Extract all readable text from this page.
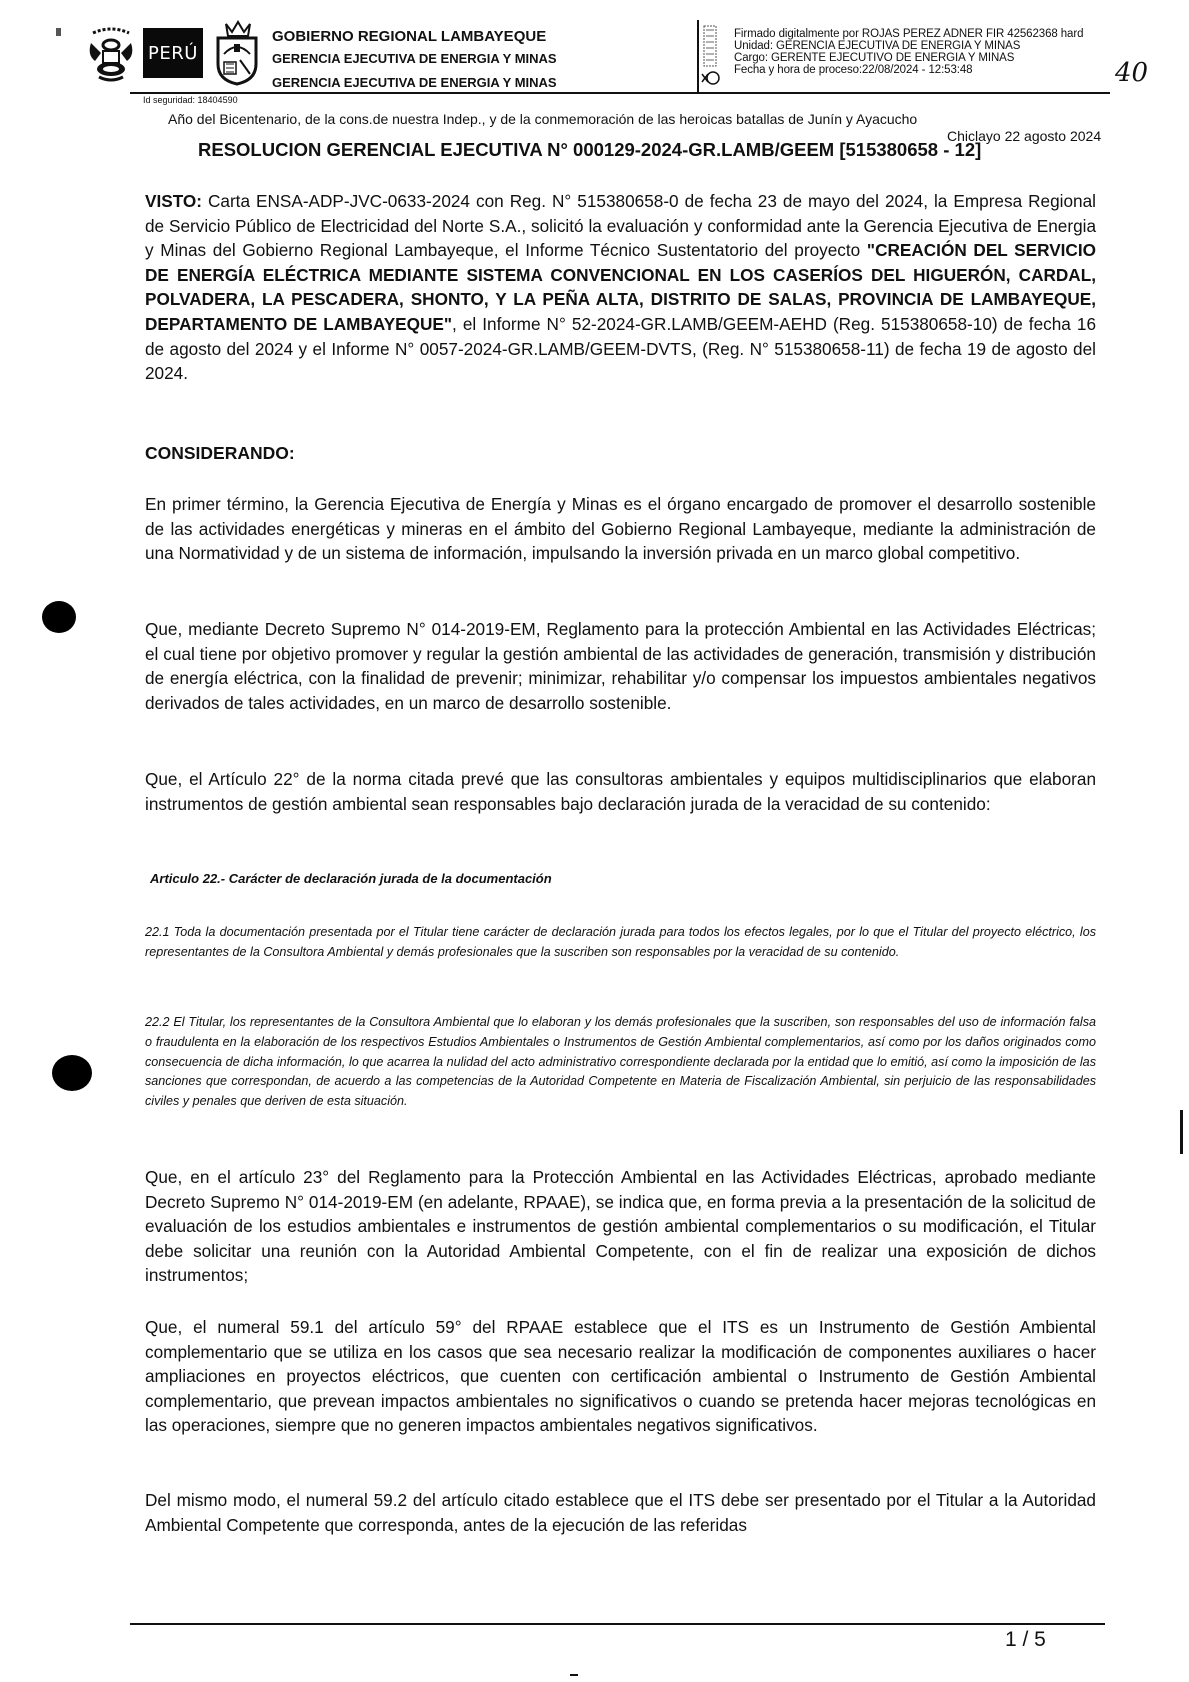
PERÚ
GOBIERNO REGIONAL LAMBAYEQUE
GERENCIA EJECUTIVA DE ENERGIA Y MINAS
GERENCIA EJECUTIVA DE ENERGIA Y MINAS
Firmado digitalmente por ROJAS PEREZ ADNER FIR 42562368 hard
Unidad: GERENCIA EJECUTIVA DE ENERGIA Y MINAS
Cargo: GERENTE EJECUTIVO DE ENERGIA Y MINAS
Fecha y hora de proceso:22/08/2024 - 12:53:48	40
Id seguridad: 18404590
Año del Bicentenario, de la cons.de nuestra Indep., y de la conmemoración de las heroicas batallas de Junín y Ayacucho
Chiclayo 22 agosto 2024
RESOLUCION GERENCIAL EJECUTIVA N° 000129-2024-GR.LAMB/GEEM [515380658 - 12]
VISTO: Carta ENSA-ADP-JVC-0633-2024 con Reg. N° 515380658-0 de fecha 23 de mayo del 2024, la Empresa Regional de Servicio Público de Electricidad del Norte S.A., solicitó la evaluación y conformidad ante la Gerencia Ejecutiva de Energia y Minas del Gobierno Regional Lambayeque, el Informe Técnico Sustentatorio del proyecto "CREACIÓN DEL SERVICIO DE ENERGÍA ELÉCTRICA MEDIANTE SISTEMA CONVENCIONAL EN LOS CASERÍOS DEL HIGUERÓN, CARDAL, POLVADERA, LA PESCADERA, SHONTO, Y LA PEÑA ALTA, DISTRITO DE SALAS, PROVINCIA DE LAMBAYEQUE, DEPARTAMENTO DE LAMBAYEQUE", el Informe N° 52-2024-GR.LAMB/GEEM-AEHD (Reg. 515380658-10) de fecha 16 de agosto del 2024 y el Informe N° 0057-2024-GR.LAMB/GEEM-DVTS, (Reg. N° 515380658-11) de fecha 19 de agosto del 2024.
CONSIDERANDO:
En primer término, la Gerencia Ejecutiva de Energía y Minas es el órgano encargado de promover el desarrollo sostenible de las actividades energéticas y mineras en el ámbito del Gobierno Regional Lambayeque, mediante la administración de una Normatividad y de un sistema de información, impulsando la inversión privada en un marco global competitivo.
Que, mediante Decreto Supremo N° 014-2019-EM, Reglamento para la protección Ambiental en las Actividades Eléctricas; el cual tiene por objetivo promover y regular la gestión ambiental de las actividades de generación, transmisión y distribución de energía eléctrica, con la finalidad de prevenir; minimizar, rehabilitar y/o compensar los impuestos ambientales negativos derivados de tales actividades, en un marco de desarrollo sostenible.
Que, el Artículo 22° de la norma citada prevé que las consultoras ambientales y equipos multidisciplinarios que elaboran instrumentos de gestión ambiental sean responsables bajo declaración jurada de la veracidad de su contenido:
Articulo 22.- Carácter de declaración jurada de la documentación
22.1 Toda la documentación presentada por el Titular tiene carácter de declaración jurada para todos los efectos legales, por lo que el Titular del proyecto eléctrico, los representantes de la Consultora Ambiental y demás profesionales que la suscriben son responsables por la veracidad de su contenido.
22.2 El Titular, los representantes de la Consultora Ambiental que lo elaboran y los demás profesionales que la suscriben, son responsables del uso de información falsa o fraudulenta en la elaboración de los respectivos Estudios Ambientales o Instrumentos de Gestión Ambiental complementarios, así como por los daños originados como consecuencia de dicha información, lo que acarrea la nulidad del acto administrativo correspondiente declarada por la entidad que lo emitió, así como la imposición de las sanciones que correspondan, de acuerdo a las competencias de la Autoridad Competente en Materia de Fiscalización Ambiental, sin perjuicio de las responsabilidades civiles y penales que deriven de esta situación.
Que, en el artículo 23° del Reglamento para la Protección Ambiental en las Actividades Eléctricas, aprobado mediante Decreto Supremo N° 014-2019-EM (en adelante, RPAAE), se indica que, en forma previa a la presentación de la solicitud de evaluación de los estudios ambientales e instrumentos de gestión ambiental complementarios o su modificación, el Titular debe solicitar una reunión con la Autoridad Ambiental Competente, con el fin de realizar una exposición de dichos instrumentos;
Que, el numeral 59.1 del artículo 59° del RPAAE establece que el ITS es un Instrumento de Gestión Ambiental complementario que se utiliza en los casos que sea necesario realizar la modificación de componentes auxiliares o hacer ampliaciones en proyectos eléctricos, que cuenten con certificación ambiental o Instrumento de Gestión Ambiental complementario, que prevean impactos ambientales no significativos o cuando se pretenda hacer mejoras tecnológicas en las operaciones, siempre que no generen impactos ambientales negativos significativos.
Del mismo modo, el numeral 59.2 del artículo citado establece que el ITS debe ser presentado por el Titular a la Autoridad Ambiental Competente que corresponda, antes de la ejecución de las referidas
1 / 5
